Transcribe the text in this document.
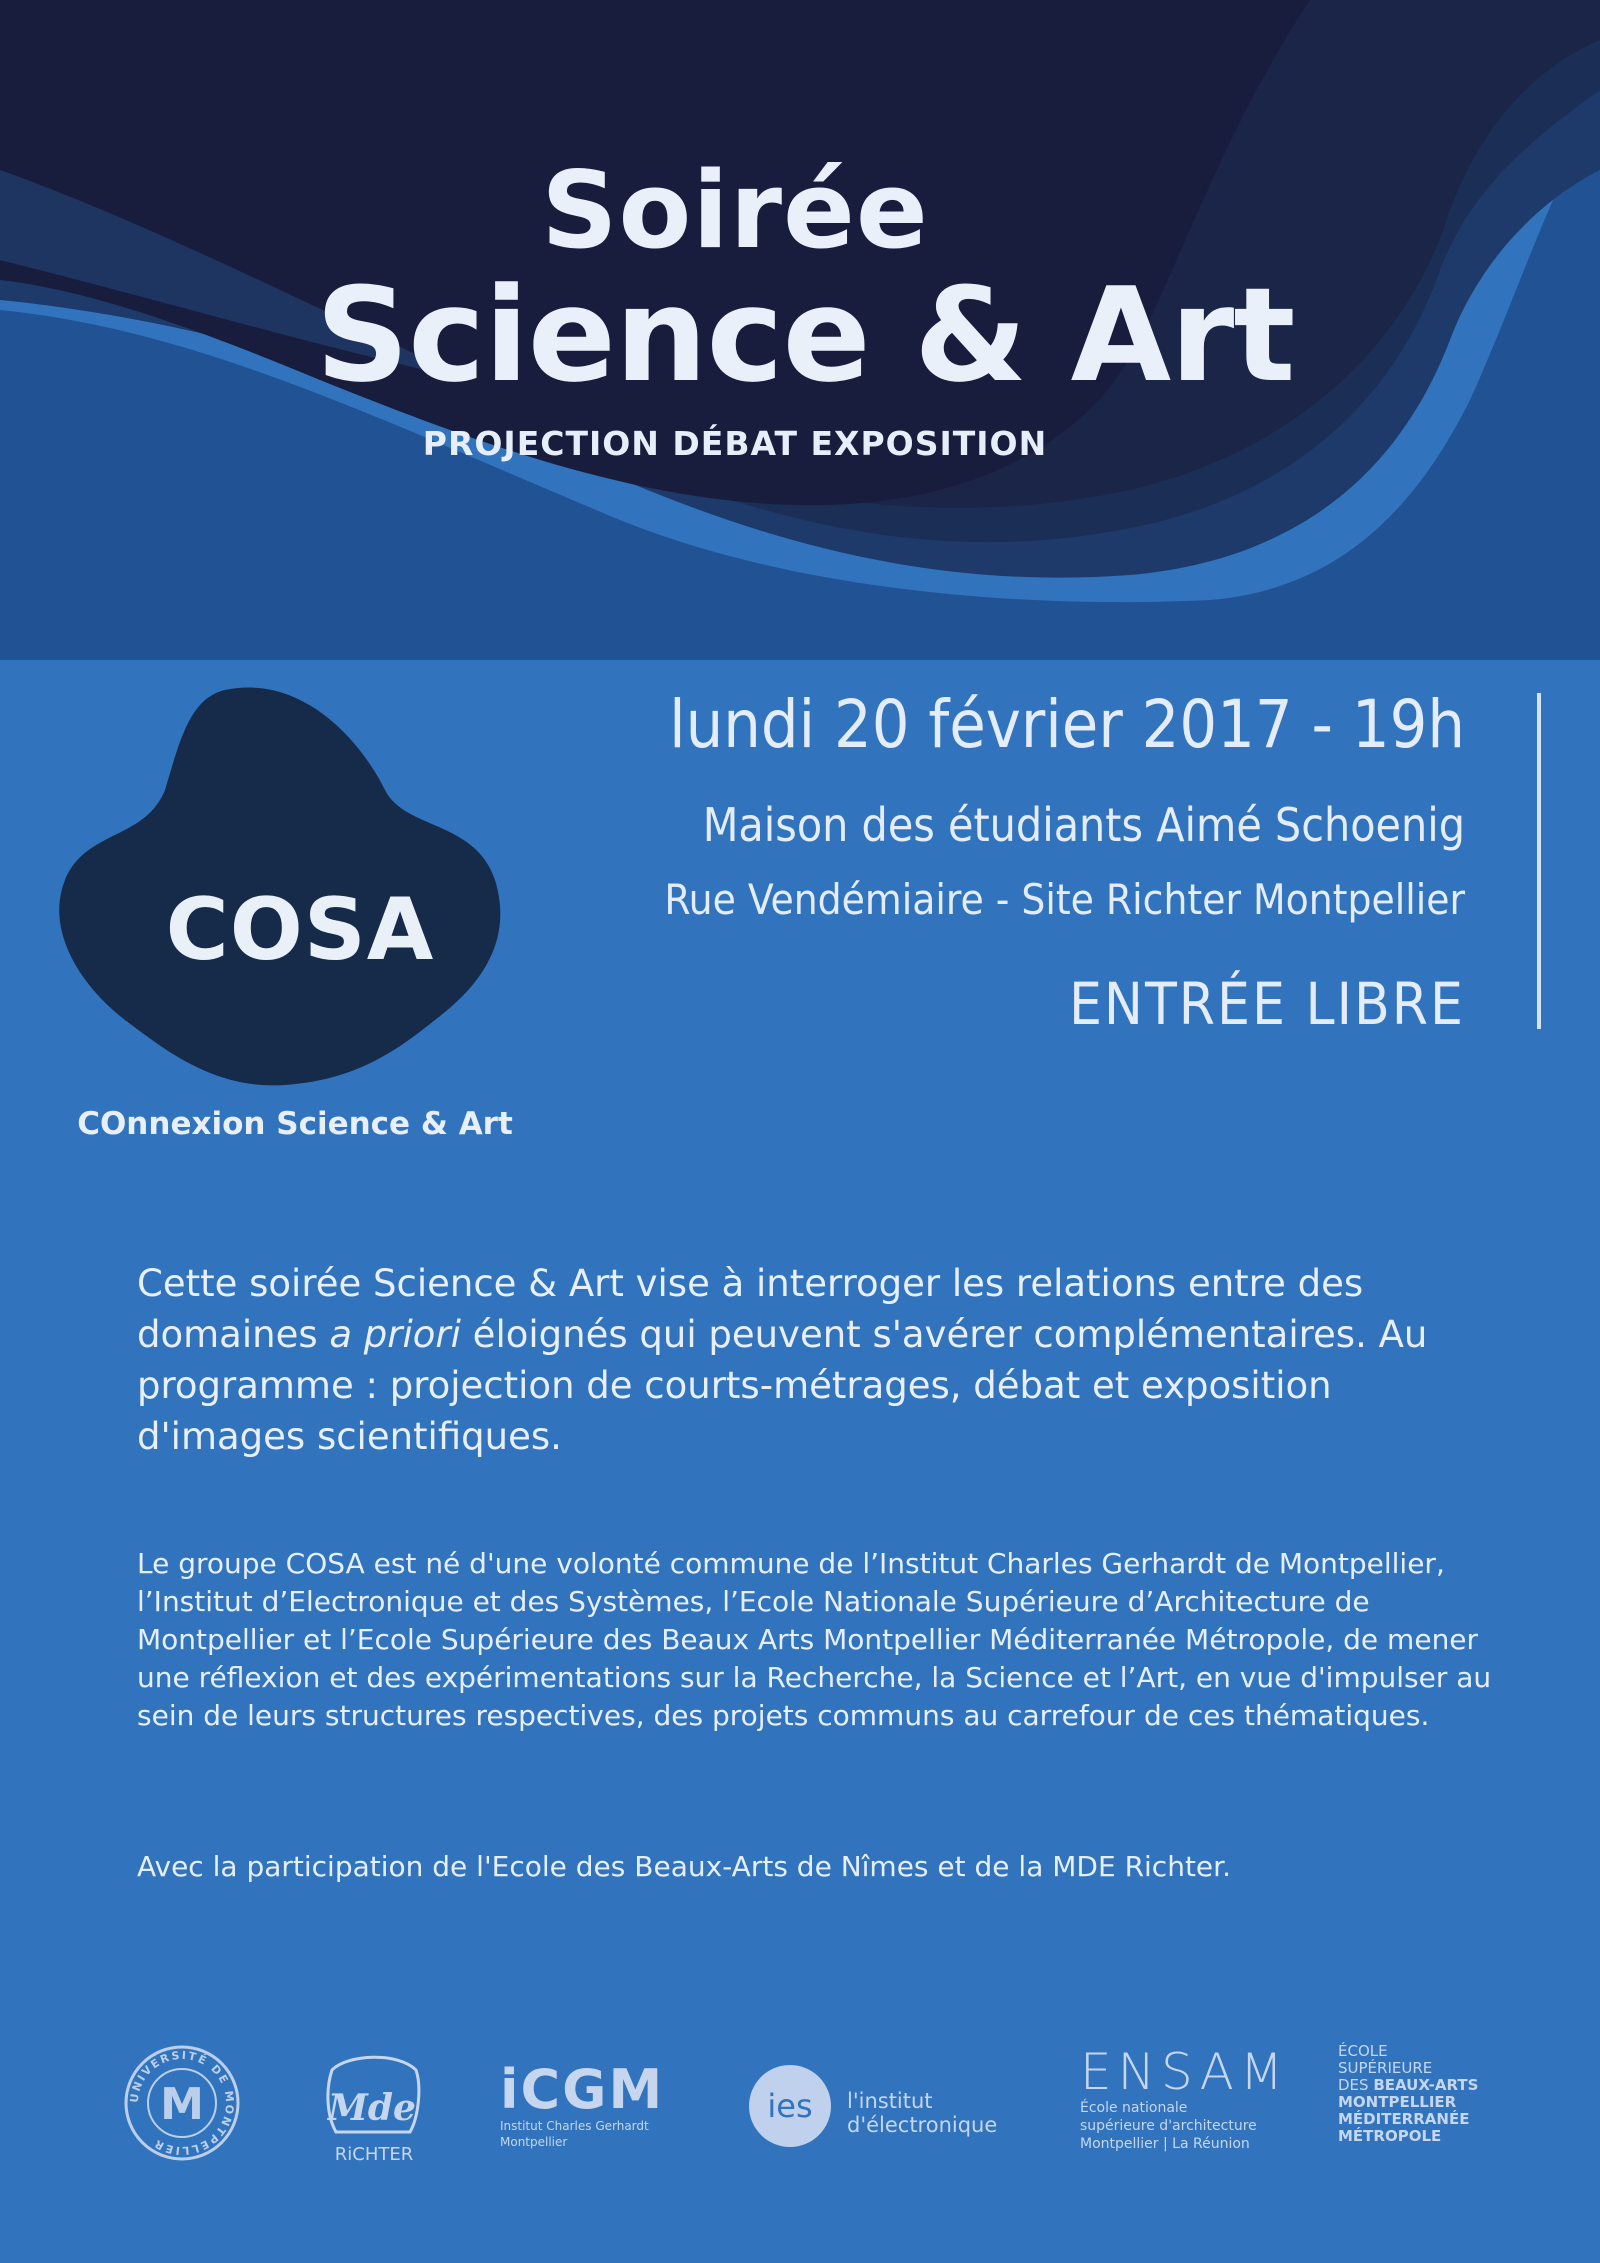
Soirée
Science & Art
PROJECTION DÉBAT EXPOSITION
COSA
COnnexion Science & Art
lundi 20 février 2017 - 19h
Maison des étudiants Aimé Schoenig
Rue Vendémiaire - Site Richter Montpellier
ENTRÉE LIBRE
Cette soirée Science & Art vise à interroger les relations entre des domaines a priori éloignés qui peuvent s'avérer complémentaires. Au programme : projection de courts-métrages, débat et exposition d'images scientifiques.
Le groupe COSA est né d'une volonté commune de l’Institut Charles Gerhardt de Montpellier, l’Institut d’Electronique et des Systèmes, l’Ecole Nationale Supérieure d’Architecture de Montpellier et l’Ecole Supérieure des Beaux Arts Montpellier Méditerranée Métropole, de mener une réflexion et des expérimentations sur la Recherche, la Science et l’Art, en vue d'impulser au sein de leurs structures respectives, des projets communs au carrefour de ces thématiques.
Avec la participation de l'Ecole des Beaux-Arts de Nîmes et de la MDE Richter.
UNIVERSITÉ DE MONTPELLIER
M	Mde
RiCHTER
iCGM
Institut Charles Gerhardt Montpellier
ies l'institut
d'électronique
ENSAM
École nationale
supérieure d'architecture
Montpellier | La Réunion
ÉCOLE
SUPÉRIEURE
DES BEAUX-ARTS
MONTPELLIER
MÉDITERRANÉE
MÉTROPOLE
